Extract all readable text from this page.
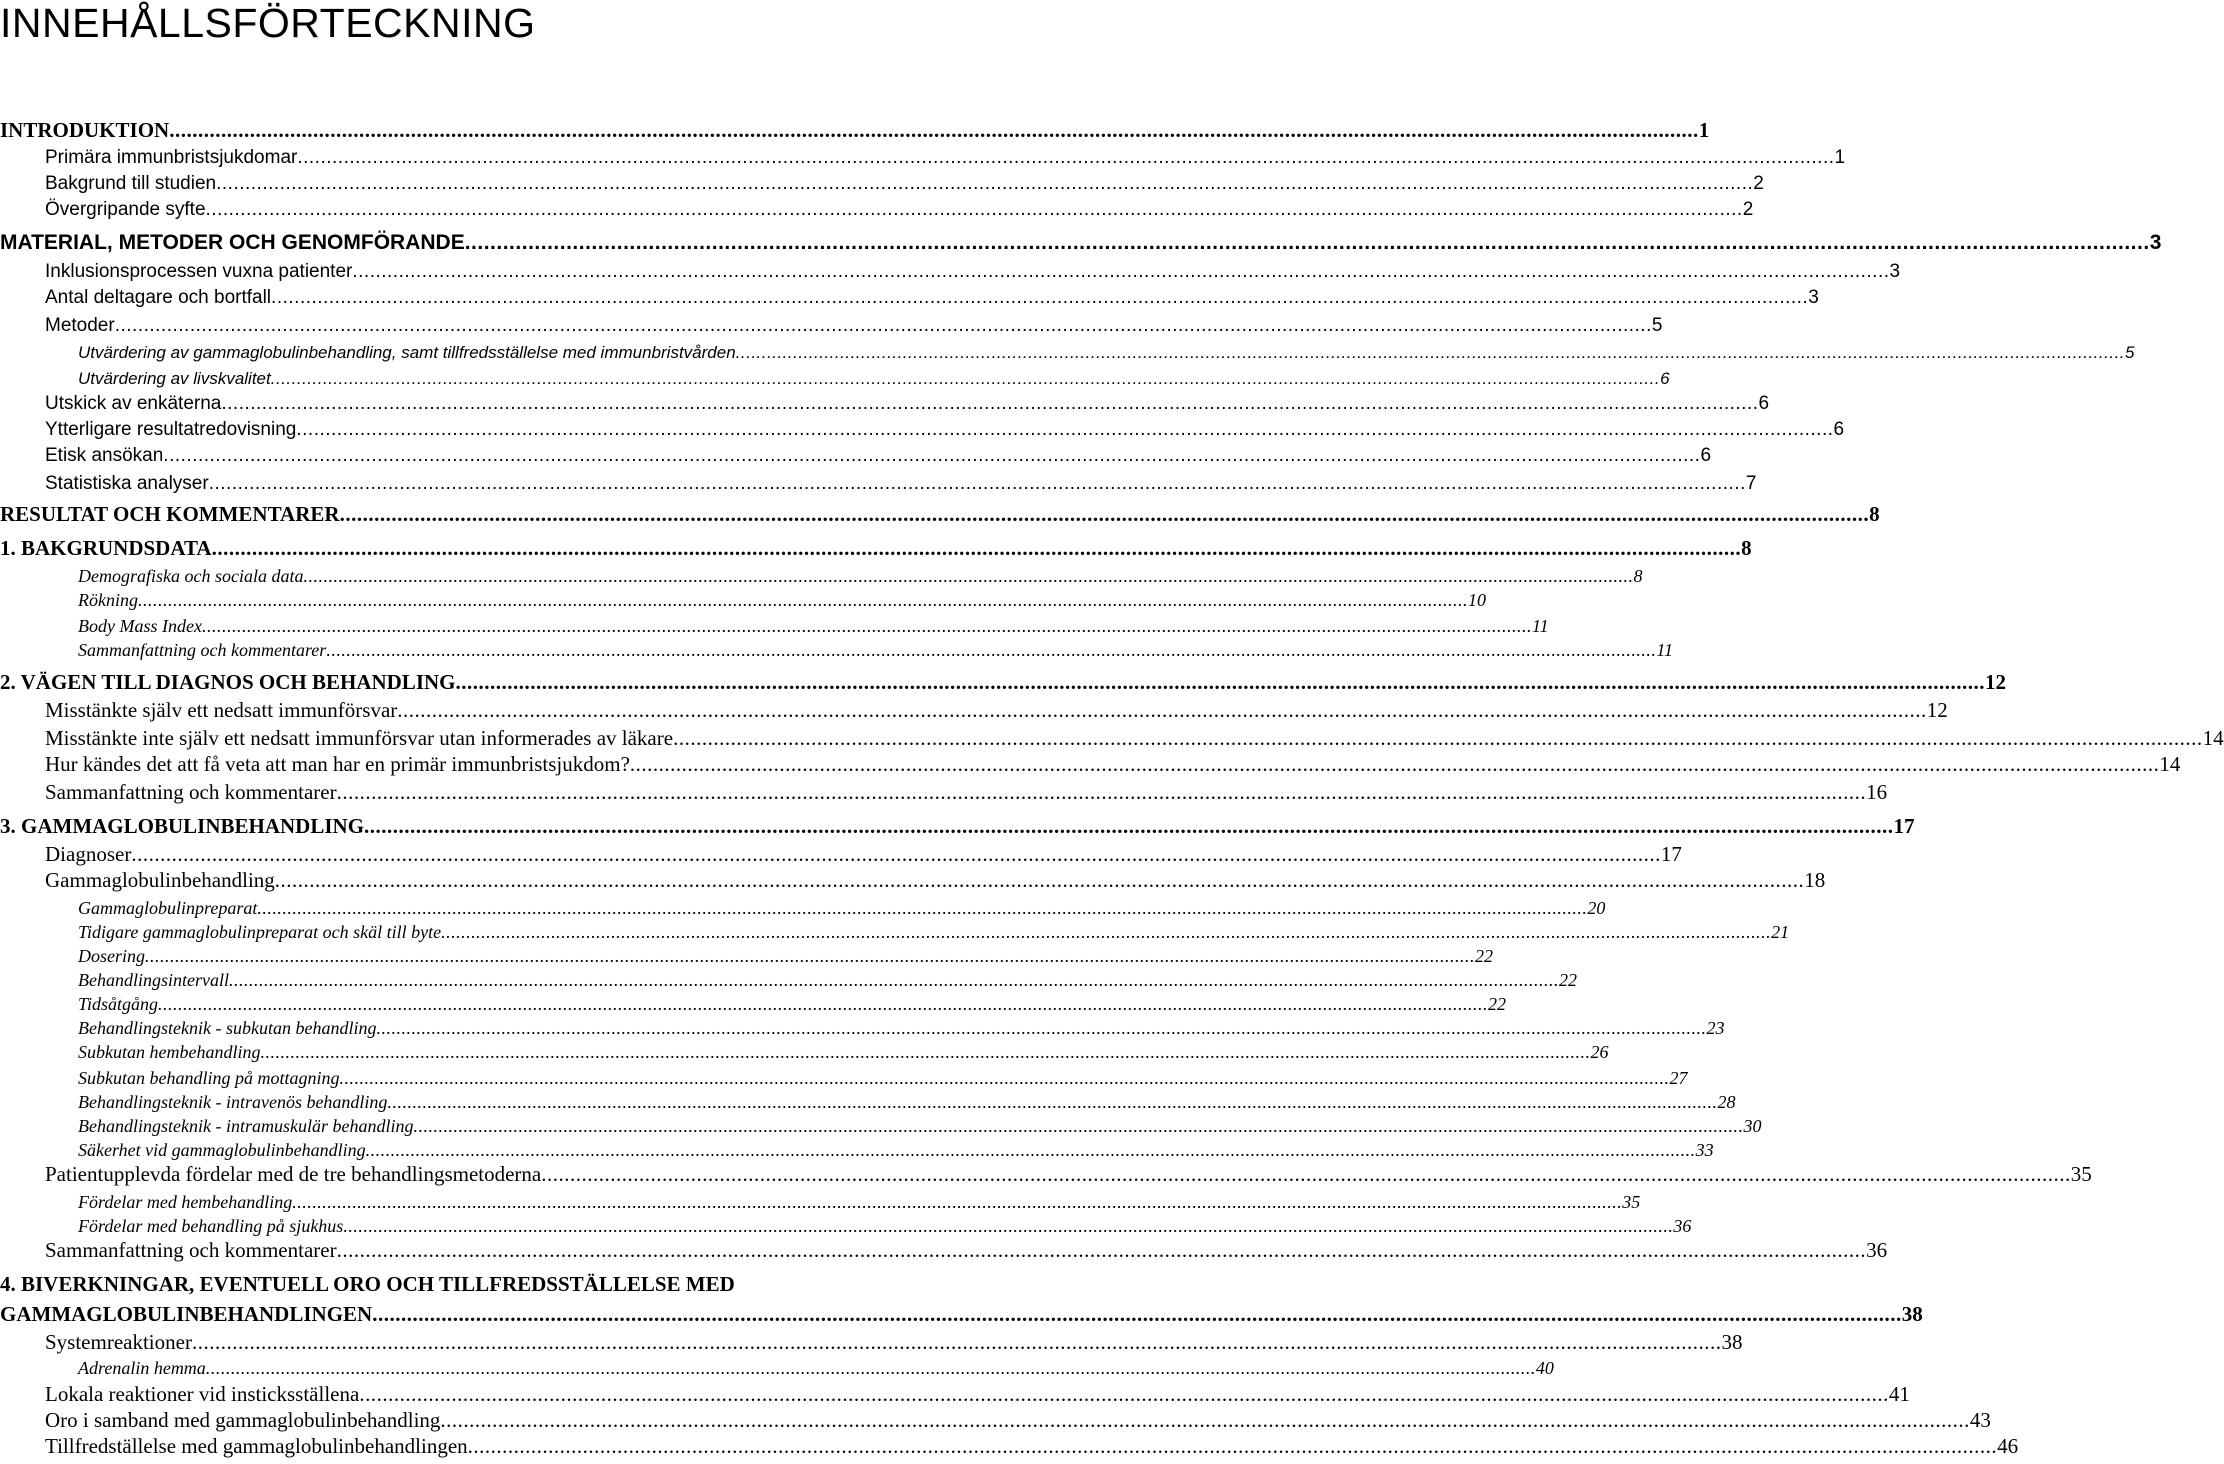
INNEHÅLLSFÖRTECKNING
INTRODUKTION .......................................................................................................................................................................................................................................................................... 1
Primära immunbristsjukdomar .......................................................................................................................................................................................................................................................................... 1
Bakgrund till studien .......................................................................................................................................................................................................................................................................... 2
Övergripande syfte .......................................................................................................................................................................................................................................................................... 2
MATERIAL, METODER OCH GENOMFÖRANDE .......................................................................................................................................................................................................................................................................... 3
Inklusionsprocessen vuxna patienter .......................................................................................................................................................................................................................................................................... 3
Antal deltagare och bortfall .......................................................................................................................................................................................................................................................................... 3
Metoder .......................................................................................................................................................................................................................................................................... 5
Utvärdering av gammaglobulinbehandling, samt tillfredsställelse med immunbristvården .......................................................................................................................................................................................................................................................................... 5
Utvärdering av livskvalitet .......................................................................................................................................................................................................................................................................... 6
Utskick av enkäterna .......................................................................................................................................................................................................................................................................... 6
Ytterligare resultatredovisning .......................................................................................................................................................................................................................................................................... 6
Etisk ansökan .......................................................................................................................................................................................................................................................................... 6
Statistiska analyser .......................................................................................................................................................................................................................................................................... 7
RESULTAT OCH KOMMENTARER .......................................................................................................................................................................................................................................................................... 8
1. BAKGRUNDSDATA .......................................................................................................................................................................................................................................................................... 8
Demografiska och sociala data .......................................................................................................................................................................................................................................................................... 8
Rökning .......................................................................................................................................................................................................................................................................... 10
Body Mass Index .......................................................................................................................................................................................................................................................................... 11
Sammanfattning och kommentarer .......................................................................................................................................................................................................................................................................... 11
2. VÄGEN TILL DIAGNOS OCH BEHANDLING .......................................................................................................................................................................................................................................................................... 12
Misstänkte själv ett nedsatt immunförsvar .......................................................................................................................................................................................................................................................................... 12
Misstänkte inte själv ett nedsatt immunförsvar utan informerades av läkare .......................................................................................................................................................................................................................................................................... 14
Hur kändes det att få veta att man har en primär immunbristsjukdom? .......................................................................................................................................................................................................................................................................... 14
Sammanfattning och kommentarer .......................................................................................................................................................................................................................................................................... 16
3. GAMMAGLOBULINBEHANDLING .......................................................................................................................................................................................................................................................................... 17
Diagnoser .......................................................................................................................................................................................................................................................................... 17
Gammaglobulinbehandling .......................................................................................................................................................................................................................................................................... 18
Gammaglobulinpreparat .......................................................................................................................................................................................................................................................................... 20
Tidigare gammaglobulinpreparat och skäl till byte .......................................................................................................................................................................................................................................................................... 21
Dosering .......................................................................................................................................................................................................................................................................... 22
Behandlingsintervall .......................................................................................................................................................................................................................................................................... 22
Tidsåtgång .......................................................................................................................................................................................................................................................................... 22
Behandlingsteknik - subkutan behandling .......................................................................................................................................................................................................................................................................... 23
Subkutan hembehandling .......................................................................................................................................................................................................................................................................... 26
Subkutan behandling på mottagning .......................................................................................................................................................................................................................................................................... 27
Behandlingsteknik - intravenös behandling .......................................................................................................................................................................................................................................................................... 28
Behandlingsteknik - intramuskulär behandling .......................................................................................................................................................................................................................................................................... 30
Säkerhet vid gammaglobulinbehandling .......................................................................................................................................................................................................................................................................... 33
Patientupplevda fördelar med de tre behandlingsmetoderna .......................................................................................................................................................................................................................................................................... 35
Fördelar med hembehandling .......................................................................................................................................................................................................................................................................... 35
Fördelar med behandling på sjukhus .......................................................................................................................................................................................................................................................................... 36
Sammanfattning och kommentarer .......................................................................................................................................................................................................................................................................... 36
4. BIVERKNINGAR, EVENTUELL ORO OCH TILLFREDSSTÄLLELSE MED
GAMMAGLOBULINBEHANDLINGEN .......................................................................................................................................................................................................................................................................... 38
Systemreaktioner .......................................................................................................................................................................................................................................................................... 38
Adrenalin hemma .......................................................................................................................................................................................................................................................................... 40
Lokala reaktioner vid insticksställena .......................................................................................................................................................................................................................................................................... 41
Oro i samband med gammaglobulinbehandling .......................................................................................................................................................................................................................................................................... 43
Tillfredställelse med gammaglobulinbehandlingen .......................................................................................................................................................................................................................................................................... 46
